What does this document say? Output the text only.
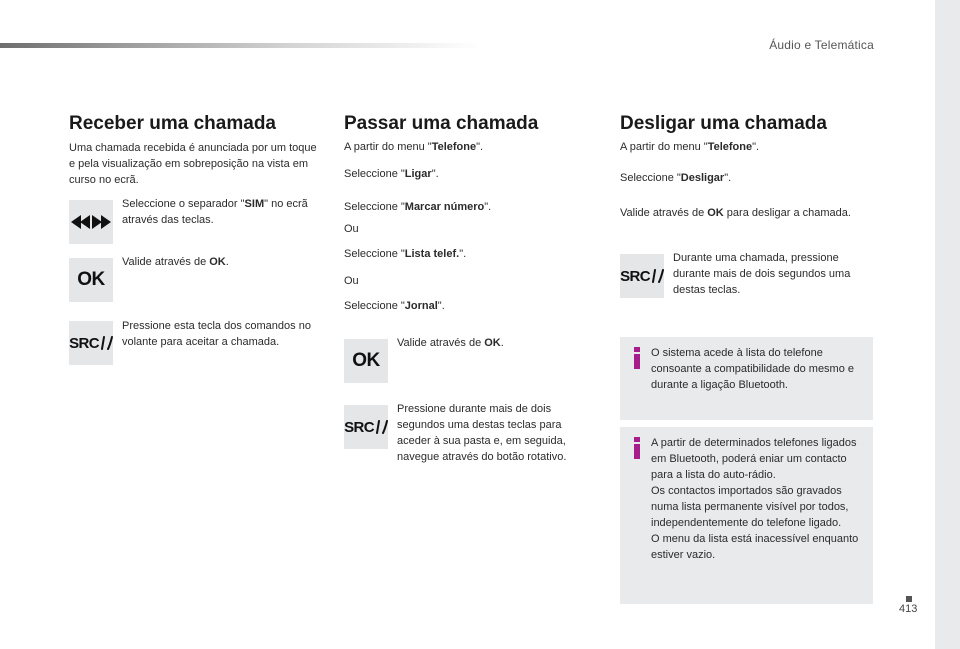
Áudio e Telemática
413
Receber uma chamada
Uma chamada recebida é anunciada por um toque e pela visualização em sobreposição na vista em curso no ecrã.
Seleccione o separador "SIM" no ecrã através das teclas.
OK
Valide através de OK.
SRC
Pressione esta tecla dos comandos no volante para aceitar a chamada.
Passar uma chamada
A partir do menu "Telefone".
Seleccione "Ligar".
Seleccione "Marcar número".
Ou
Seleccione "Lista telef.".
Ou
Seleccione "Jornal".
OK
Valide através de OK.
SRC
Pressione durante mais de dois segundos uma destas teclas para aceder à sua pasta e, em seguida, navegue através do botão rotativo.
Desligar uma chamada
A partir do menu "Telefone".
Seleccione "Desligar".
Valide através de OK para desligar a chamada.
SRC
Durante uma chamada, pressione durante mais de dois segundos uma destas teclas.
O sistema acede à lista do telefone consoante a compatibilidade do mesmo e durante a ligação Bluetooth.
A partir de determinados telefones ligados em Bluetooth, poderá eniar um contacto para a lista do auto-rádio.
Os contactos importados são gravados numa lista permanente visível por todos, independentemente do telefone ligado.
O menu da lista está inacessível enquanto estiver vazio.
